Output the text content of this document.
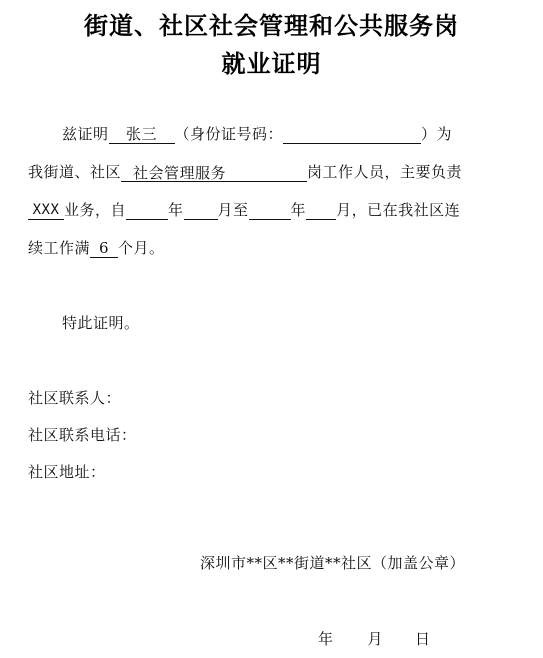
街道、社区社会管理和公共服务岗
就业证明
兹证明 张三 （身份证号码：	）为
我街道、社区 社会管理服务	岗工作人员，主要负责
XXX 业务，自	年 月至	年 月，已在我社区连
续工作满 6 个月。
特此证明。
社区联系人：
社区联系电话：
社区地址：
深圳市**区**街道**社区（加盖公章）
年 月 日
